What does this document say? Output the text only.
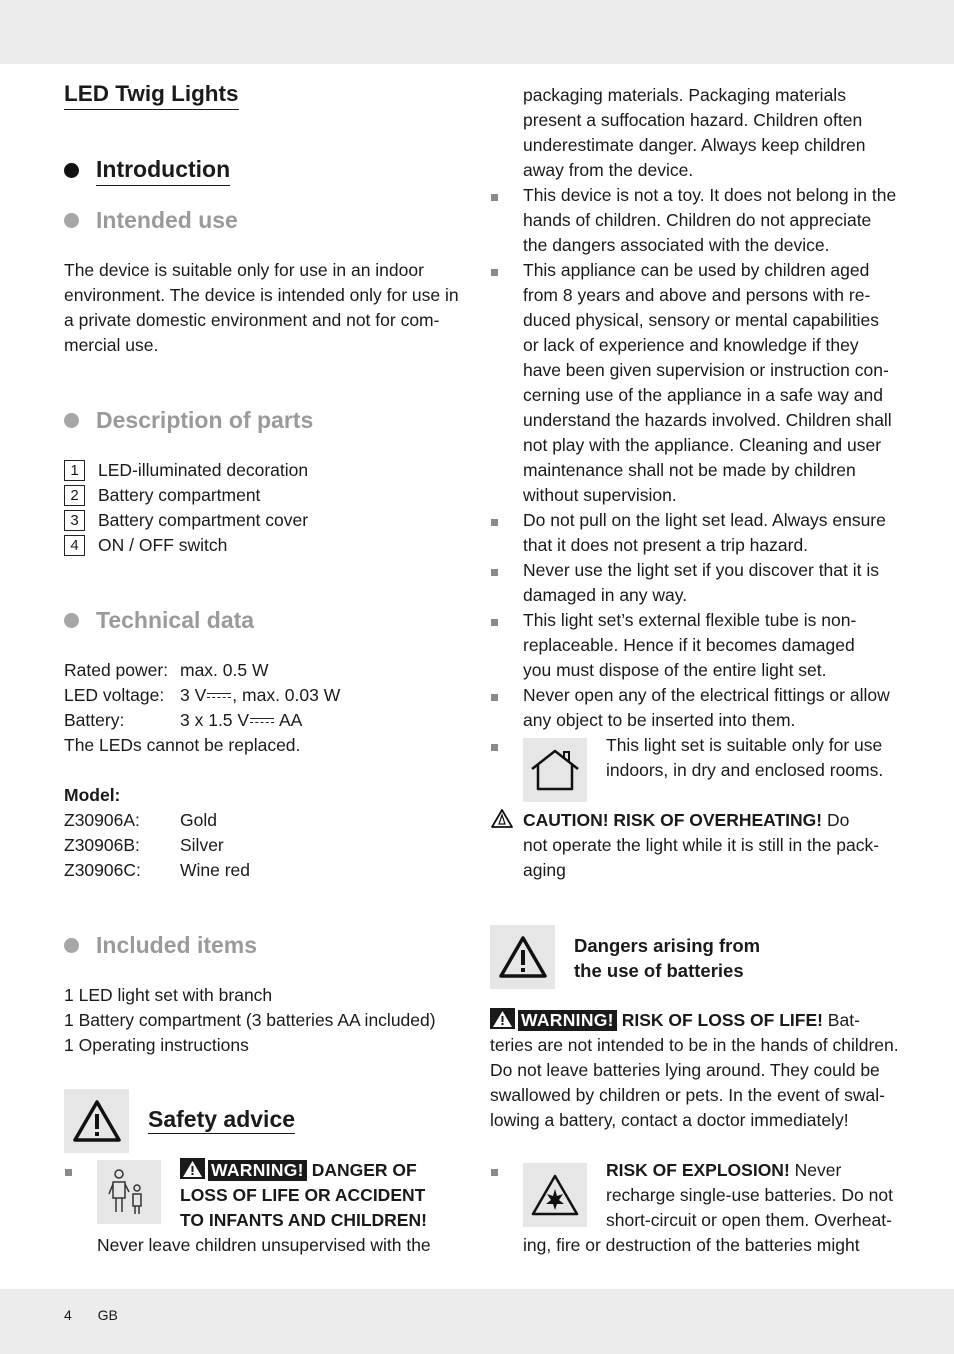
LED Twig Lights
Introduction
Intended use
The device is suitable only for use in an indoor
environment. The device is intended only for use in
a private domestic environment and not for com-
mercial use.
Description of parts
1	LED-illuminated decoration
2	Battery compartment
3	Battery compartment cover
4	ON / OFF switch
Technical data
Rated power: max. 0.5 W
LED voltage: 3 V , max. 0.03 W
Battery:	3 x 1.5 V AA
The LEDs cannot be replaced.
Model:
Z30906A:	Gold
Z30906B:	Silver
Z30906C:	Wine red
Included items
1 LED light set with branch
1 Battery compartment (3 batteries AA included)
1 Operating instructions
Safety advice
WARNING! DANGER OF
LOSS OF LIFE OR ACCIDENT
TO INFANTS AND CHILDREN!
Never leave children unsupervised with the
packaging materials. Packaging materials
present a suffocation hazard. Children often
underestimate danger. Always keep children
away from the device.
This device is not a toy. It does not belong in the
hands of children. Children do not appreciate
the dangers associated with the device.
This appliance can be used by children aged
from 8 years and above and persons with re-
duced physical, sensory or mental capabilities
or lack of experience and knowledge if they
have been given supervision or instruction con-
cerning use of the appliance in a safe way and
understand the hazards involved. Children shall
not play with the appliance. Cleaning and user
maintenance shall not be made by children
without supervision.
Do not pull on the light set lead. Always ensure
that it does not present a trip hazard.
Never use the light set if you discover that it is
damaged in any way.
This light set’s external flexible tube is non-
replaceable. Hence if it becomes damaged
you must dispose of the entire light set.
Never open any of the electrical fittings or allow
any object to be inserted into them.
This light set is suitable only for use
indoors, in dry and enclosed rooms.
CAUTION! RISK OF OVERHEATING! Do
not operate the light while it is still in the pack-
aging
Dangers arising from
the use of batteries
WARNING! RISK OF LOSS OF LIFE! Bat-
teries are not intended to be in the hands of children.
Do not leave batteries lying around. They could be
swallowed by children or pets. In the event of swal-
lowing a battery, contact a doctor immediately!
RISK OF EXPLOSION! Never
recharge single-use batteries. Do not
short-circuit or open them. Overheat-
ing, fire or destruction of the batteries might
4 GB
